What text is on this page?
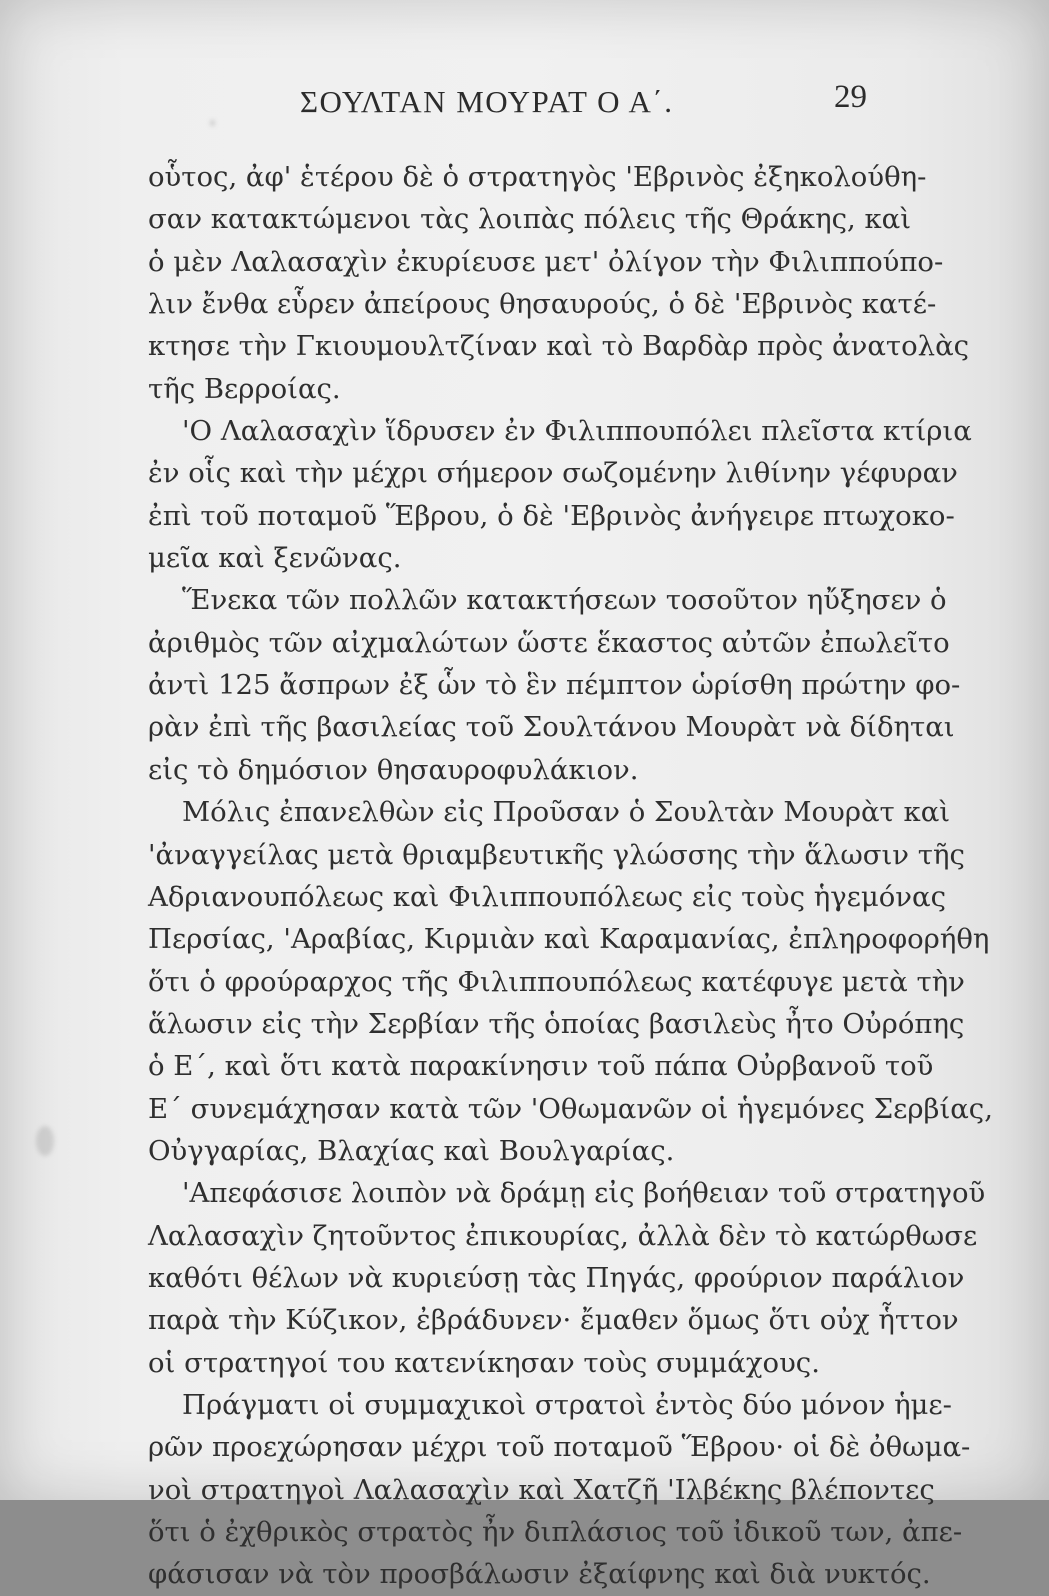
ΣΟΥΛΤΑΝ ΜΟΥΡΑΤ Ο Α΄.	29
οὗτος, ἀφ' ἑτέρου δὲ ὁ στρατηγὸς 'Εβρινὸς ἐξηκολούθη-
σαν κατακτώμενοι τὰς λοιπὰς πόλεις τῆς Θράκης, καὶ
ὁ μὲν Λαλασαχὶν ἐκυρίευσε μετ' ὀλίγον τὴν Φιλιππούπο-
λιν ἔνθα εὗρεν ἀπείρους θησαυρούς, ὁ δὲ 'Εβρινὸς κατέ-
κτησε τὴν Γκιουμουλτζίναν καὶ τὸ Βαρδὰρ πρὸς ἀνατολὰς
τῆς Βερροίας.
'Ο Λαλασαχὶν ἵδρυσεν ἐν Φιλιππουπόλει πλεῖστα κτίρια
ἐν οἷς καὶ τὴν μέχρι σήμερον σωζομένην λιθίνην γέφυραν
ἐπὶ τοῦ ποταμοῦ Ἕβρου, ὁ δὲ 'Εβρινὸς ἀνήγειρε πτωχοκο-
μεῖα καὶ ξενῶνας.
Ἕνεκα τῶν πολλῶν κατακτήσεων τοσοῦτον ηὔξησεν ὁ
ἀριθμὸς τῶν αἰχμαλώτων ὥστε ἕκαστος αὐτῶν ἐπωλεῖτο
ἀντὶ 125 ἄσπρων ἐξ ὧν τὸ ἓν πέμπτον ὡρίσθη πρώτην φο-
ρὰν ἐπὶ τῆς βασιλείας τοῦ Σουλτάνου Μουρὰτ νὰ δίδηται
εἰς τὸ δημόσιον θησαυροφυλάκιον.
Μόλις ἐπανελθὼν εἰς Προῦσαν ὁ Σουλτὰν Μουρὰτ καὶ
'ἀναγγείλας μετὰ θριαμβευτικῆς γλώσσης τὴν ἅλωσιν τῆς
Αδριανουπόλεως καὶ Φιλιππουπόλεως εἰς τοὺς ἡγεμόνας
Περσίας, 'Αραβίας, Κιρμιὰν καὶ Καραμανίας, ἐπληροφορήθη
ὅτι ὁ φρούραρχος τῆς Φιλιππουπόλεως κατέφυγε μετὰ τὴν
ἅλωσιν εἰς τὴν Σερβίαν τῆς ὁποίας βασιλεὺς ἦτο Οὐρόπης
ὁ Ε΄, καὶ ὅτι κατὰ παρακίνησιν τοῦ πάπα Οὐρβανοῦ τοῦ
Ε΄ συνεμάχησαν κατὰ τῶν 'Οθωμανῶν οἱ ἡγεμόνες Σερβίας,
Οὐγγαρίας, Βλαχίας καὶ Βουλγαρίας.
'Απεφάσισε λοιπὸν νὰ δράμῃ εἰς βοήθειαν τοῦ στρατηγοῦ
Λαλασαχὶν ζητοῦντος ἐπικουρίας, ἀλλὰ δὲν τὸ κατώρθωσε
καθότι θέλων νὰ κυριεύσῃ τὰς Πηγάς, φρούριον παράλιον
παρὰ τὴν Κύζικον, ἐβράδυνεν· ἔμαθεν ὅμως ὅτι οὐχ ἧττον
οἱ στρατηγοί του κατενίκησαν τοὺς συμμάχους.
Πράγματι οἱ συμμαχικοὶ στρατοὶ ἐντὸς δύο μόνον ἡμε-
ρῶν προεχώρησαν μέχρι τοῦ ποταμοῦ Ἕβρου· οἱ δὲ ὀθωμα-
νοὶ στρατηγοὶ Λαλασαχὶν καὶ Χατζῆ 'Ιλβέκης βλέποντες
ὅτι ὁ ἐχθρικὸς στρατὸς ἦν διπλάσιος τοῦ ἰδικοῦ των, ἀπε-
φάσισαν νὰ τὸν προσβάλωσιν ἐξαίφνης καὶ διὰ νυκτός.
